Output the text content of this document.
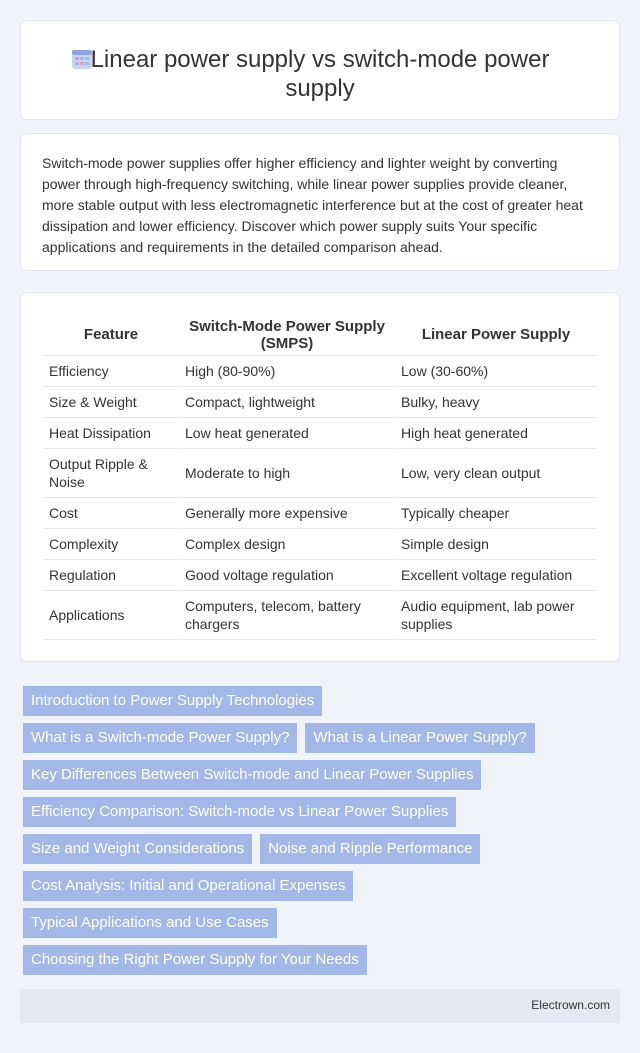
Linear power supply vs switch-mode power supply

Switch-mode power supplies offer higher efficiency and lighter weight by converting power through high-frequency switching, while linear power supplies provide cleaner, more stable output with less electromagnetic interference but at the cost of greater heat dissipation and lower efficiency. Discover which power supply suits Your specific applications and requirements in the detailed comparison ahead.

Feature	Switch-Mode Power Supply (SMPS)	Linear Power Supply
Efficiency	High (80-90%)	Low (30-60%)
Size & Weight	Compact, lightweight	Bulky, heavy
Heat Dissipation	Low heat generated	High heat generated
Output Ripple & Noise	Moderate to high	Low, very clean output
Cost	Generally more expensive	Typically cheaper
Complexity	Complex design	Simple design
Regulation	Good voltage regulation	Excellent voltage regulation
Applications	Computers, telecom, battery chargers	Audio equipment, lab power supplies
Introduction to Power Supply Technologies
What is a Switch-mode Power Supply?	What is a Linear Power Supply?
Key Differences Between Switch-mode and Linear Power Supplies
Efficiency Comparison: Switch-mode vs Linear Power Supplies
Size and Weight Considerations	Noise and Ripple Performance
Cost Analysis: Initial and Operational Expenses
Typical Applications and Use Cases
Choosing the Right Power Supply for Your Needs
Electrown.com
